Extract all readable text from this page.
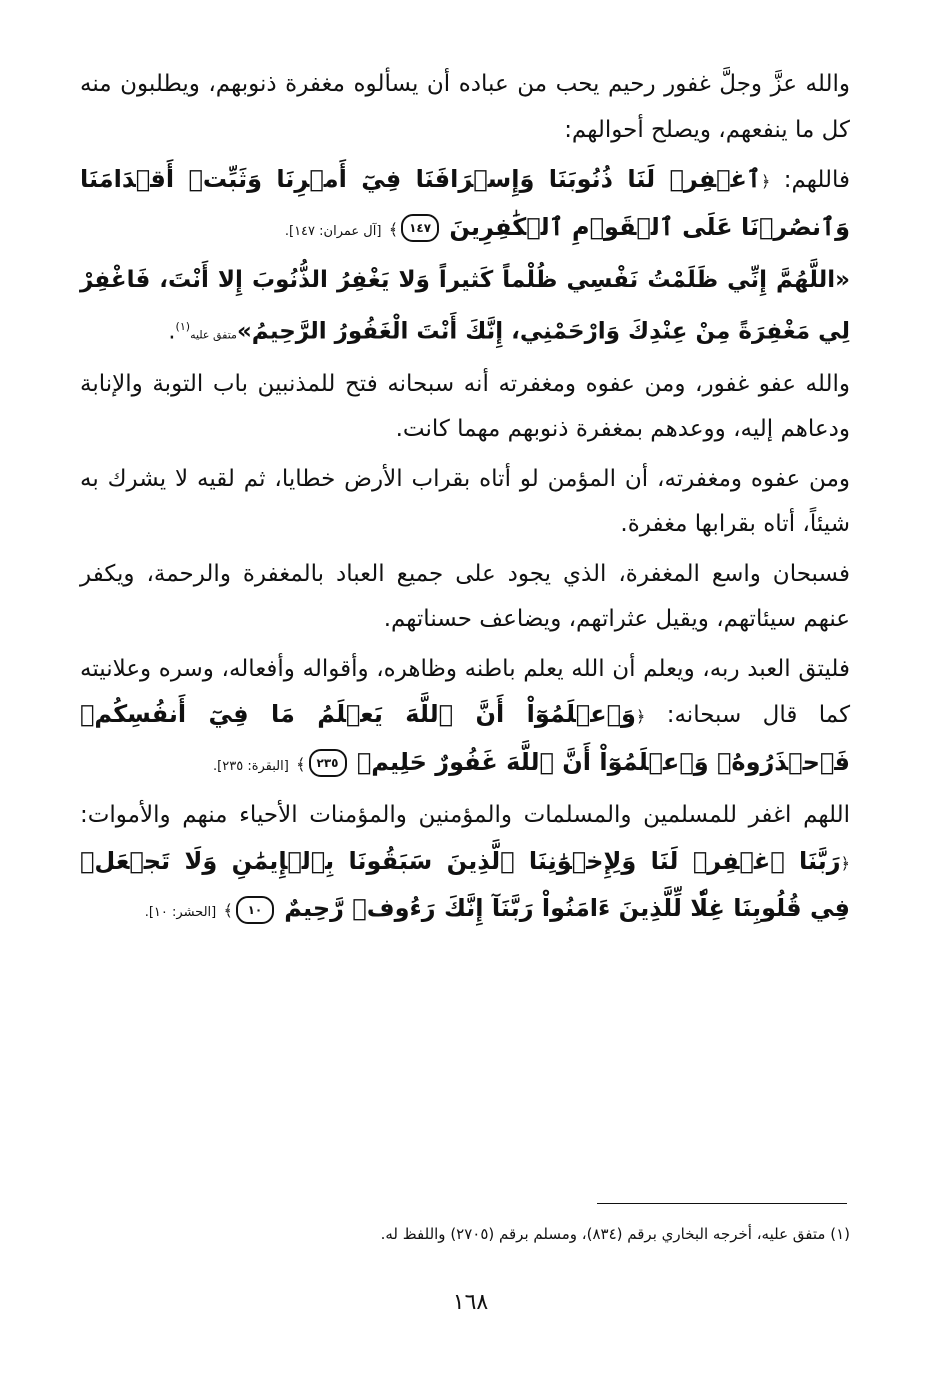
والله عزَّ وجلَّ غفور رحيم يحب من عباده أن يسألوه مغفرة ذنوبهم، ويطلبون منه كل ما ينفعهم، ويصلح أحوالهم:

فاللهم: ﴿ٱغۡفِرۡ لَنَا ذُنُوبَنَا وَإِسۡرَافَنَا فِيٓ أَمۡرِنَا وَثَبِّتۡ أَقۡدَامَنَا وَٱنصُرۡنَا عَلَى ٱلۡقَوۡمِ ٱلۡكَٰفِرِينَ ١٤٧﴾ [آل عمران: ١٤٧].

«اللَّهُمَّ إِنِّي ظَلَمْتُ نَفْسِي ظُلْماً كَثيراً وَلا يَغْفِرُ الذُّنُوبَ إِلا أَنْتَ، فَاغْفِرْ لِي مَغْفِرَةً مِنْ عِنْدِكَ وَارْحَمْنِي، إِنَّكَ أَنْتَ الْغَفُورُ الرَّحِيمُ»متفق عليه$^{(١)}$.

والله عفو غفور، ومن عفوه ومغفرته أنه سبحانه فتح للمذنبين باب التوبة والإنابة ودعاهم إليه، ووعدهم بمغفرة ذنوبهم مهما كانت.

ومن عفوه ومغفرته، أن المؤمن لو أتاه بقراب الأرض خطايا، ثم لقيه لا يشرك به شيئاً، أتاه بقرابها مغفرة.

فسبحان واسع المغفرة، الذي يجود على جميع العباد بالمغفرة والرحمة، ويكفر عنهم سيئاتهم، ويقيل عثراتهم، ويضاعف حسناتهم.

فليتق العبد ربه، ويعلم أن الله يعلم باطنه وظاهره، وأقواله وأفعاله، وسره وعلانيته كما قال سبحانه: ﴿وَٱعۡلَمُوٓاْ أَنَّ ٱللَّهَ يَعۡلَمُ مَا فِيٓ أَنفُسِكُمۡ فَٱحۡذَرُوهُۚ وَٱعۡلَمُوٓاْ أَنَّ ٱللَّهَ غَفُورٌ حَلِيمٞ ٢٣٥﴾ [البقرة: ٢٣٥].

اللهم اغفر للمسلمين والمسلمات والمؤمنين والمؤمنات الأحياء منهم والأموات: ﴿رَبَّنَا ٱغۡفِرۡ لَنَا وَلِإِخۡوَٰنِنَا ٱلَّذِينَ سَبَقُونَا بِٱلۡإِيمَٰنِ وَلَا تَجۡعَلۡ فِي قُلُوبِنَا غِلّٗا لِّلَّذِينَ ءَامَنُواْ رَبَّنَآ إِنَّكَ رَءُوفٞ رَّحِيمٌ ١٠﴾ [الحشر: ١٠].

(١) متفق عليه، أخرجه البخاري برقم (٨٣٤)، ومسلم برقم (٢٧٠٥) واللفظ له.
١٦٨
